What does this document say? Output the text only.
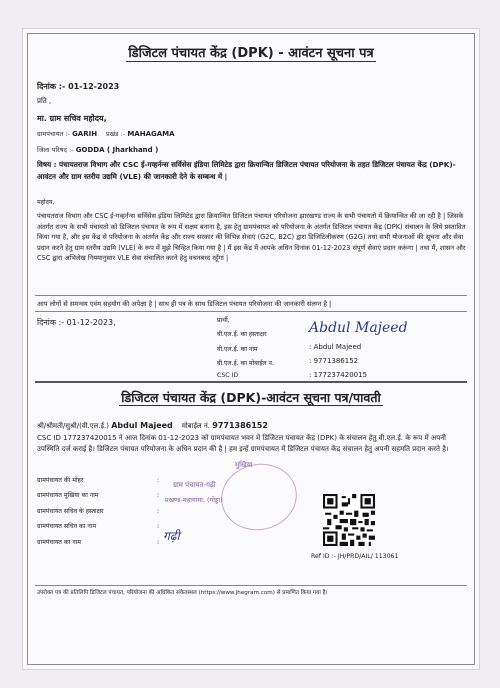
डिजिटल पंचायत केंद्र (DPK) - आवंटन सूचना पत्र
दिनांक :- 01-12-2023
प्रति ,
मा. ग्राम सचिव महोदय,
ग्रामपंचायत :- GARIH प्रखंड :- MAHAGAMA
जिला परिषद :- GODDA ( Jharkhand )
विषय : पंचायतराज विभाग और CSC ई-गव्हर्नन्स सर्विसेस इंडिया लिमिटेड द्वारा क्रियान्वित डिजिटल पंचायत परियोजना के तहत डिजिटल पंचायत केंद्र (DPK)-आवंटन और ग्राम स्तरीय उद्यमि (VLE) की जानकारी देने के सम्बन्ध में |
महोदय,
पंचायतराज विभाग और CSC ई-गव्हर्नन्स सर्विसेस इंडिया लिमिटेड द्वारा क्रियान्वित डिजिटल पंचायत परियोजना झारखण्ड राज्य के सभी पंचायतो में क्रियान्वित की जा रही है | जिसके अंतर्गत राज्य के सभी पंचायतो को डिजिटल पंचायत के रूप में सक्षम बनाना है, इस हेतु ग्रामपंचायत को परियोजना के अंतर्गत डिजिटल पंचायत केंद्र (DPK) संचालन के लिये प्रस्तावित किया गया है, और इस केंद्र से परियोजना के अंतर्गत केंद्र और राज्य सरकार की विभिन्न सेवाएं (G2C, B2C) द्वारा डिजिटिलीकरण (G2G) तथा सभी योजनाओं की सूचना और सेवा प्रदान करने हेतु ग्राम स्तरीय उद्यमि (VLE) के रूप में मुझे चिन्हित किया गया है | मैं इस केंद्र में आपके अधिन दिनांक 01-12-2023 संपूर्ण सेवाएं प्रदान करूंगा | तथा मैं, शासन और CSC द्वारा अभिलेख नियमानुसार VLE सेवा संचालित करने हेतु वचनबध्द रहूँगा |
आप लोगों से समन्वय एवंम सहयोग की अपेक्षा है | साथ ही पत्र के साथ डिजिटल पंचायत परियोजना की जानकारी संलग्न है |
दिनांक :- 01-12-2023,	प्रार्थी,
वी.एल.ई. का हस्ताक्षर	Abdul Majeed
वी.एल.ई. का नाम	: Abdul Majeed
वी.एल.ई. का मोबाईल न.	: 9771386152
CSC ID	: 177237420015
डिजिटल पंचायत केंद्र (DPK)-आवंटन सूचना पत्र/पावती
श्री/श्रीमती/सुश्री/(वी.एल.ई.) Abdul Majeed मोबाईल नं. 9771386152
CSC ID 177237420015 ने आज दिनांक 01-12-2023 को ग्रामपंचायत भवन में डिजिटल पंचायत केंद्र (DPK) के संचालन हेतु वी.एल.ई. के रूप में अपनी उपस्थिति दर्ज कराई है। डिजिटल पंचायत परियोजना के अधिन प्रदान की है | हम इन्हें ग्रामपंचायत में डिजिटल पंचायत केंद्र संचालन हेतु अपनी सहमति प्रदान करते है।
ग्रामपंचायत की मोहर	:
ग्रामपंचायत मुखिया का नाम	:
ग्रामपंचायत सचिव के हस्ताक्षर	:
ग्रामपंचायत सचिव का नाम	:
ग्रामपंचायत का नाम	:
मुखिया
ग्राम पंचायत-गढ़ी
प्रखण्ड-महागामा, (गोड्डा)
गढ़ी
Ref ID :- JH/PRD/AIL/ 113061
उपरोक्त पत्र की प्रतिलिपि डिजिटल पंचायत, परियोजना की अधिकित संकेतस्थल (https://www.jhegram.com) से प्रमाणित किया गया है।
